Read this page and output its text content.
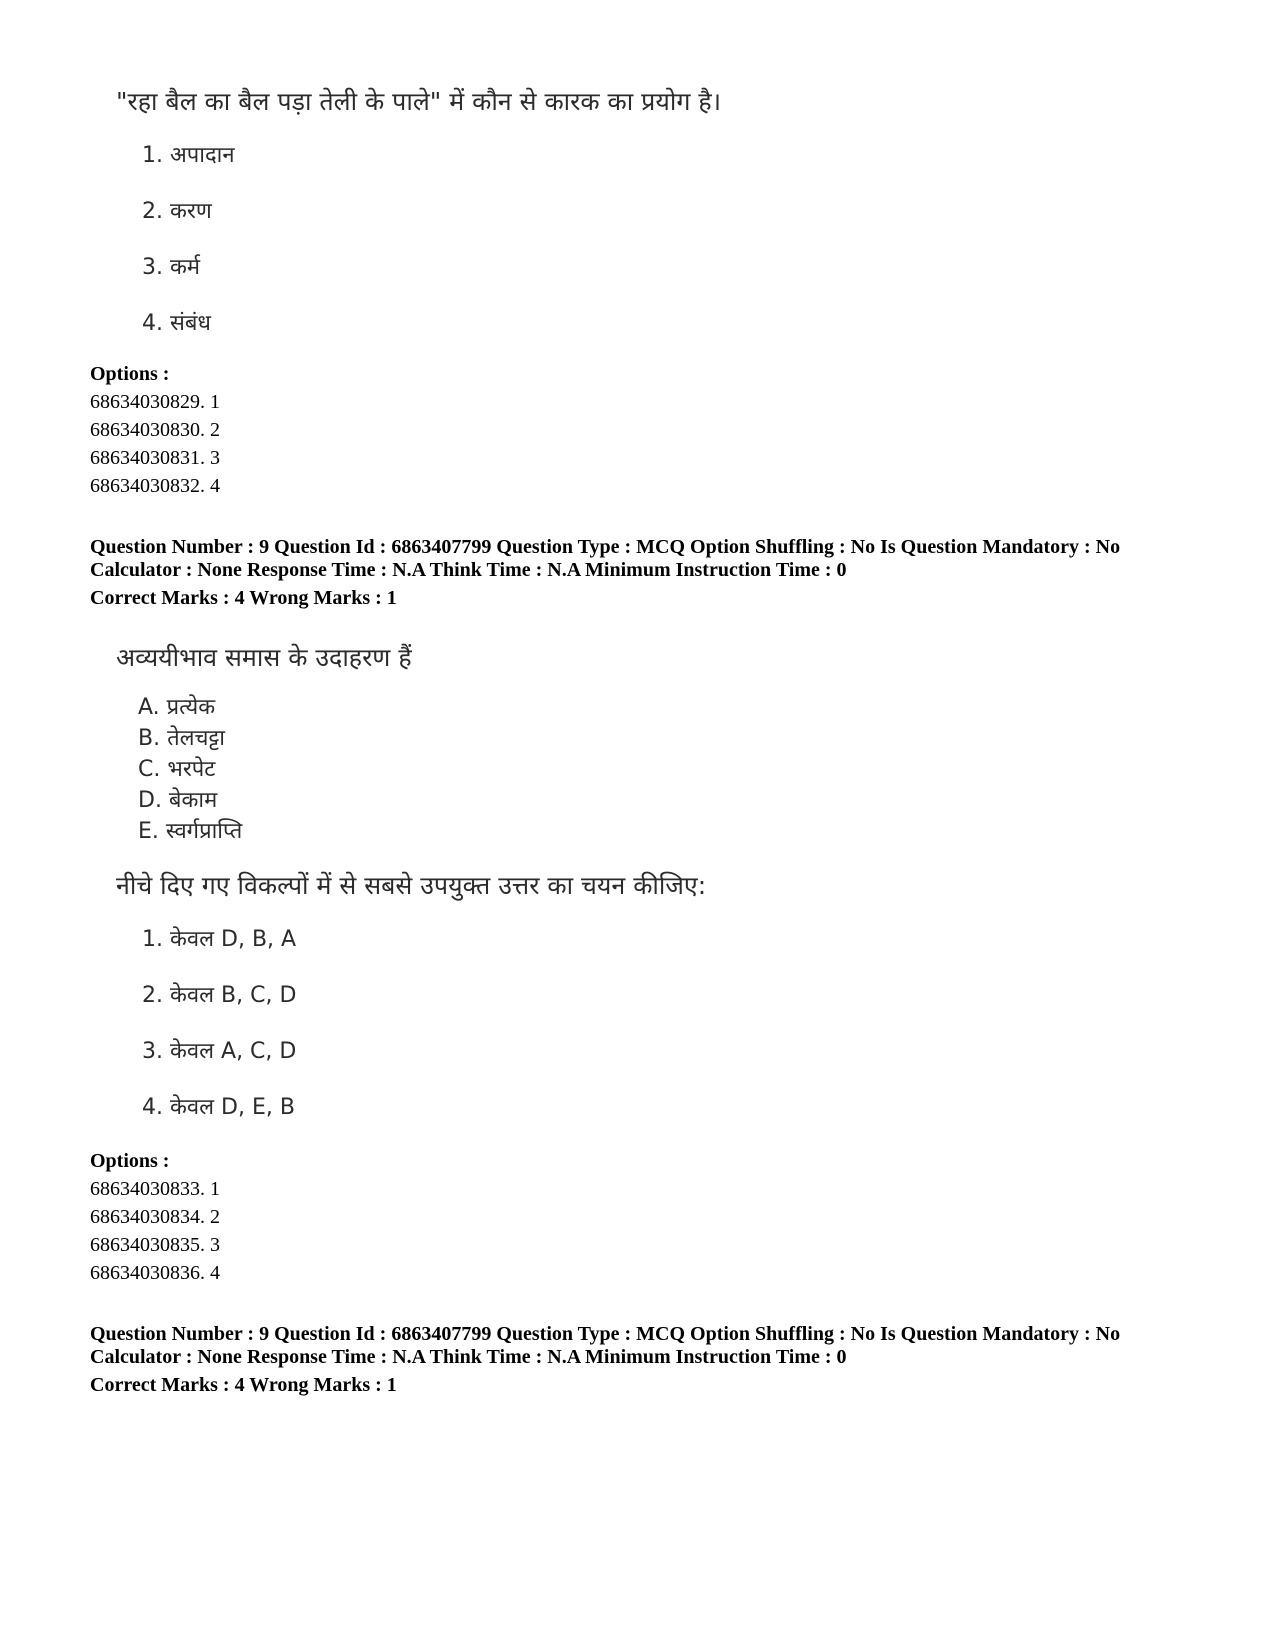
"रहा बैल का बैल पड़ा तेली के पाले" में कौन से कारक का प्रयोग है।
1. अपादान
2. करण
3. कर्म
4. संबंध
Options :
68634030829. 1
68634030830. 2
68634030831. 3
68634030832. 4
Question Number : 9 Question Id : 6863407799 Question Type : MCQ Option Shuffling : No Is Question Mandatory : No
Calculator : None Response Time : N.A Think Time : N.A Minimum Instruction Time : 0
Correct Marks : 4 Wrong Marks : 1
अव्ययीभाव समास के उदाहरण हैं
A. प्रत्येक
B. तेलचट्टा
C. भरपेट
D. बेकाम
E. स्वर्गप्राप्ति
नीचे दिए गए विकल्पों में से सबसे उपयुक्त उत्तर का चयन कीजिए:
1. केवल D, B, A
2. केवल B, C, D
3. केवल A, C, D
4. केवल D, E, B
Options :
68634030833. 1
68634030834. 2
68634030835. 3
68634030836. 4
Question Number : 9 Question Id : 6863407799 Question Type : MCQ Option Shuffling : No Is Question Mandatory : No
Calculator : None Response Time : N.A Think Time : N.A Minimum Instruction Time : 0
Correct Marks : 4 Wrong Marks : 1
